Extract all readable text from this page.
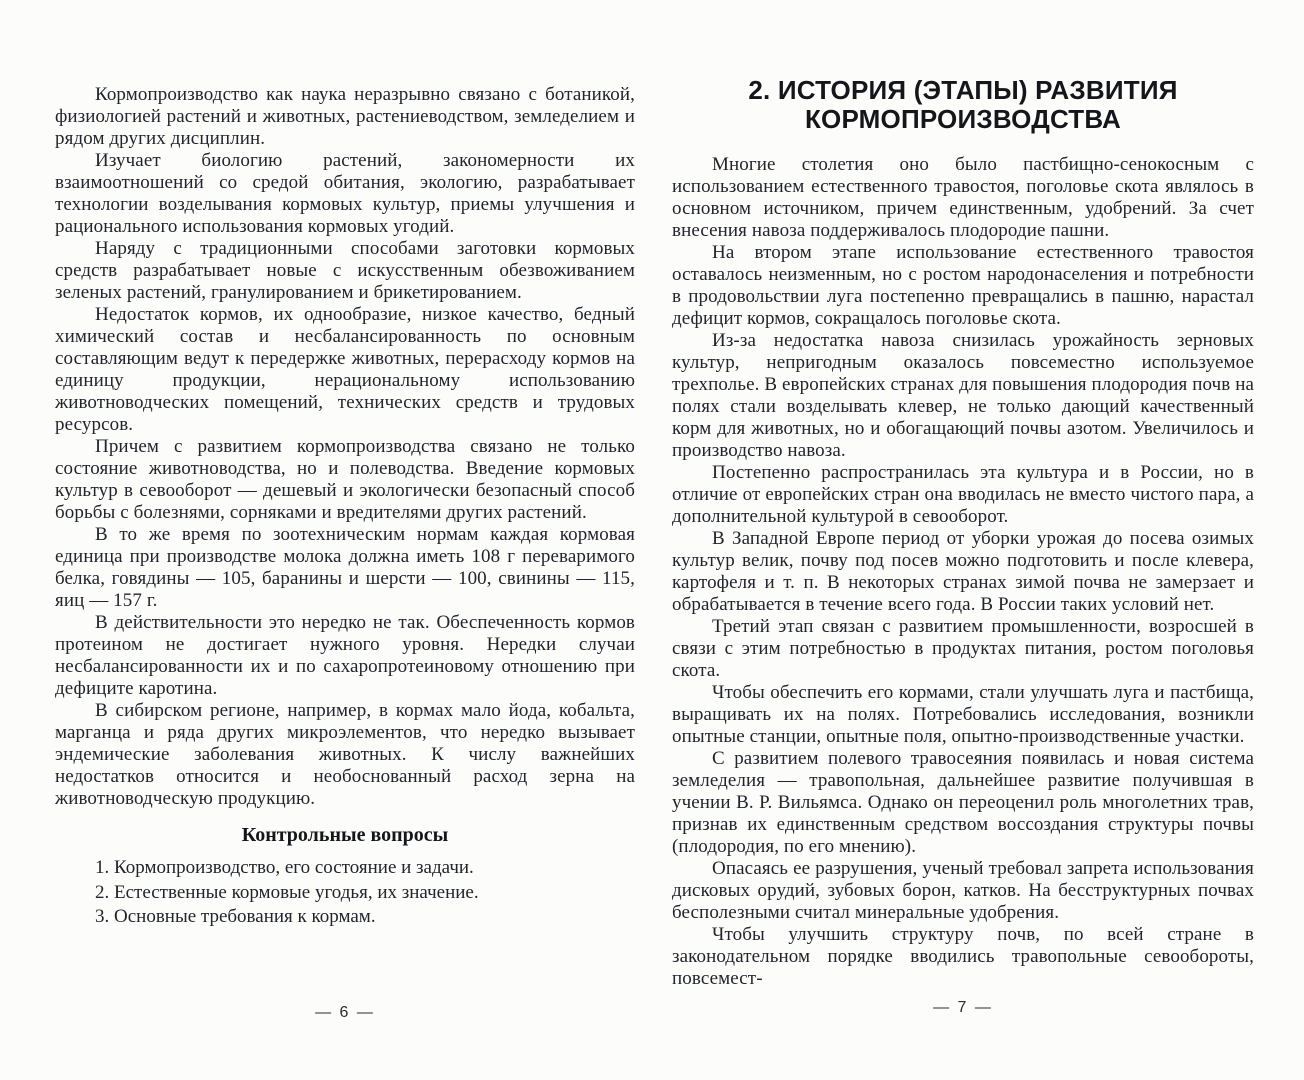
Кормопроизводство как наука неразрывно связано с ботаникой, физиологией растений и животных, растениеводством, земледелием и рядом других дисциплин.

Изучает биологию растений, закономерности их взаимоотношений со средой обитания, экологию, разрабатывает технологии возделывания кормовых культур, приемы улучшения и рационального использования кормовых угодий.

Наряду с традиционными способами заготовки кормовых средств разрабатывает новые с искусственным обезвоживанием зеленых растений, гранулированием и брикетированием.

Недостаток кормов, их однообразие, низкое качество, бедный химический состав и несбалансированность по основным составляющим ведут к передержке животных, перерасходу кормов на единицу продукции, нерациональному использованию животноводческих помещений, технических средств и трудовых ресурсов.

Причем с развитием кормопроизводства связано не только состояние животноводства, но и полеводства. Введение кормовых культур в севооборот — дешевый и экологически безопасный способ борьбы с болезнями, сорняками и вредителями других растений.

В то же время по зоотехническим нормам каждая кормовая единица при производстве молока должна иметь 108 г переваримого белка, говядины — 105, баранины и шерсти — 100, свинины — 115, яиц — 157 г.

В действительности это нередко не так. Обеспеченность кормов протеином не достигает нужного уровня. Нередки случаи несбалансированности их и по сахаропротеиновому отношению при дефиците каротина.

В сибирском регионе, например, в кормах мало йода, кобальта, марганца и ряда других микроэлементов, что нередко вызывает эндемические заболевания животных. К числу важнейших недостатков относится и необоснованный расход зерна на животноводческую продукцию.

Контрольные вопросы

1. Кормопроизводство, его состояние и задачи.

2. Естественные кормовые угодья, их значение.

3. Основные требования к кормам.

2. ИСТОРИЯ (ЭТАПЫ) РАЗВИТИЯ
КОРМОПРОИЗВОДСТВА

Многие столетия оно было пастбищно-сенокосным с использованием естественного травостоя, поголовье скота являлось в основном источником, причем единственным, удобрений. За счет внесения навоза поддерживалось плодородие пашни.

На втором этапе использование естественного травостоя оставалось неизменным, но с ростом народонаселения и потребности в продовольствии луга постепенно превращались в пашню, нарастал дефицит кормов, сокращалось поголовье скота.

Из-за недостатка навоза снизилась урожайность зерновых культур, непригодным оказалось повсеместно используемое трехполье. В европейских странах для повышения плодородия почв на полях стали возделывать клевер, не только дающий качественный корм для животных, но и обогащающий почвы азотом. Увеличилось и производство навоза.

Постепенно распространилась эта культура и в России, но в отличие от европейских стран она вводилась не вместо чистого пара, а дополнительной культурой в севооборот.

В Западной Европе период от уборки урожая до посева озимых культур велик, почву под посев можно подготовить и после клевера, картофеля и т. п. В некоторых странах зимой почва не замерзает и обрабатывается в течение всего года. В России таких условий нет.

Третий этап связан с развитием промышленности, возросшей в связи с этим потребностью в продуктах питания, ростом поголовья скота.

Чтобы обеспечить его кормами, стали улучшать луга и пастбища, выращивать их на полях. Потребовались исследования, возникли опытные станции, опытные поля, опытно-производственные участки.

С развитием полевого травосеяния появилась и новая система земледелия — травопольная, дальнейшее развитие получившая в учении В. Р. Вильямса. Однако он переоценил роль многолетних трав, признав их единственным средством воссоздания структуры почвы (плодородия, по его мнению).

Опасаясь ее разрушения, ученый требовал запрета использования дисковых орудий, зубовых борон, катков. На бесструктурных почвах бесполезными считал минеральные удобрения.

Чтобы улучшить структуру почв, по всей стране в законодательном порядке вводились травопольные севообороты, повсемест-

— 6 —	— 7 —
